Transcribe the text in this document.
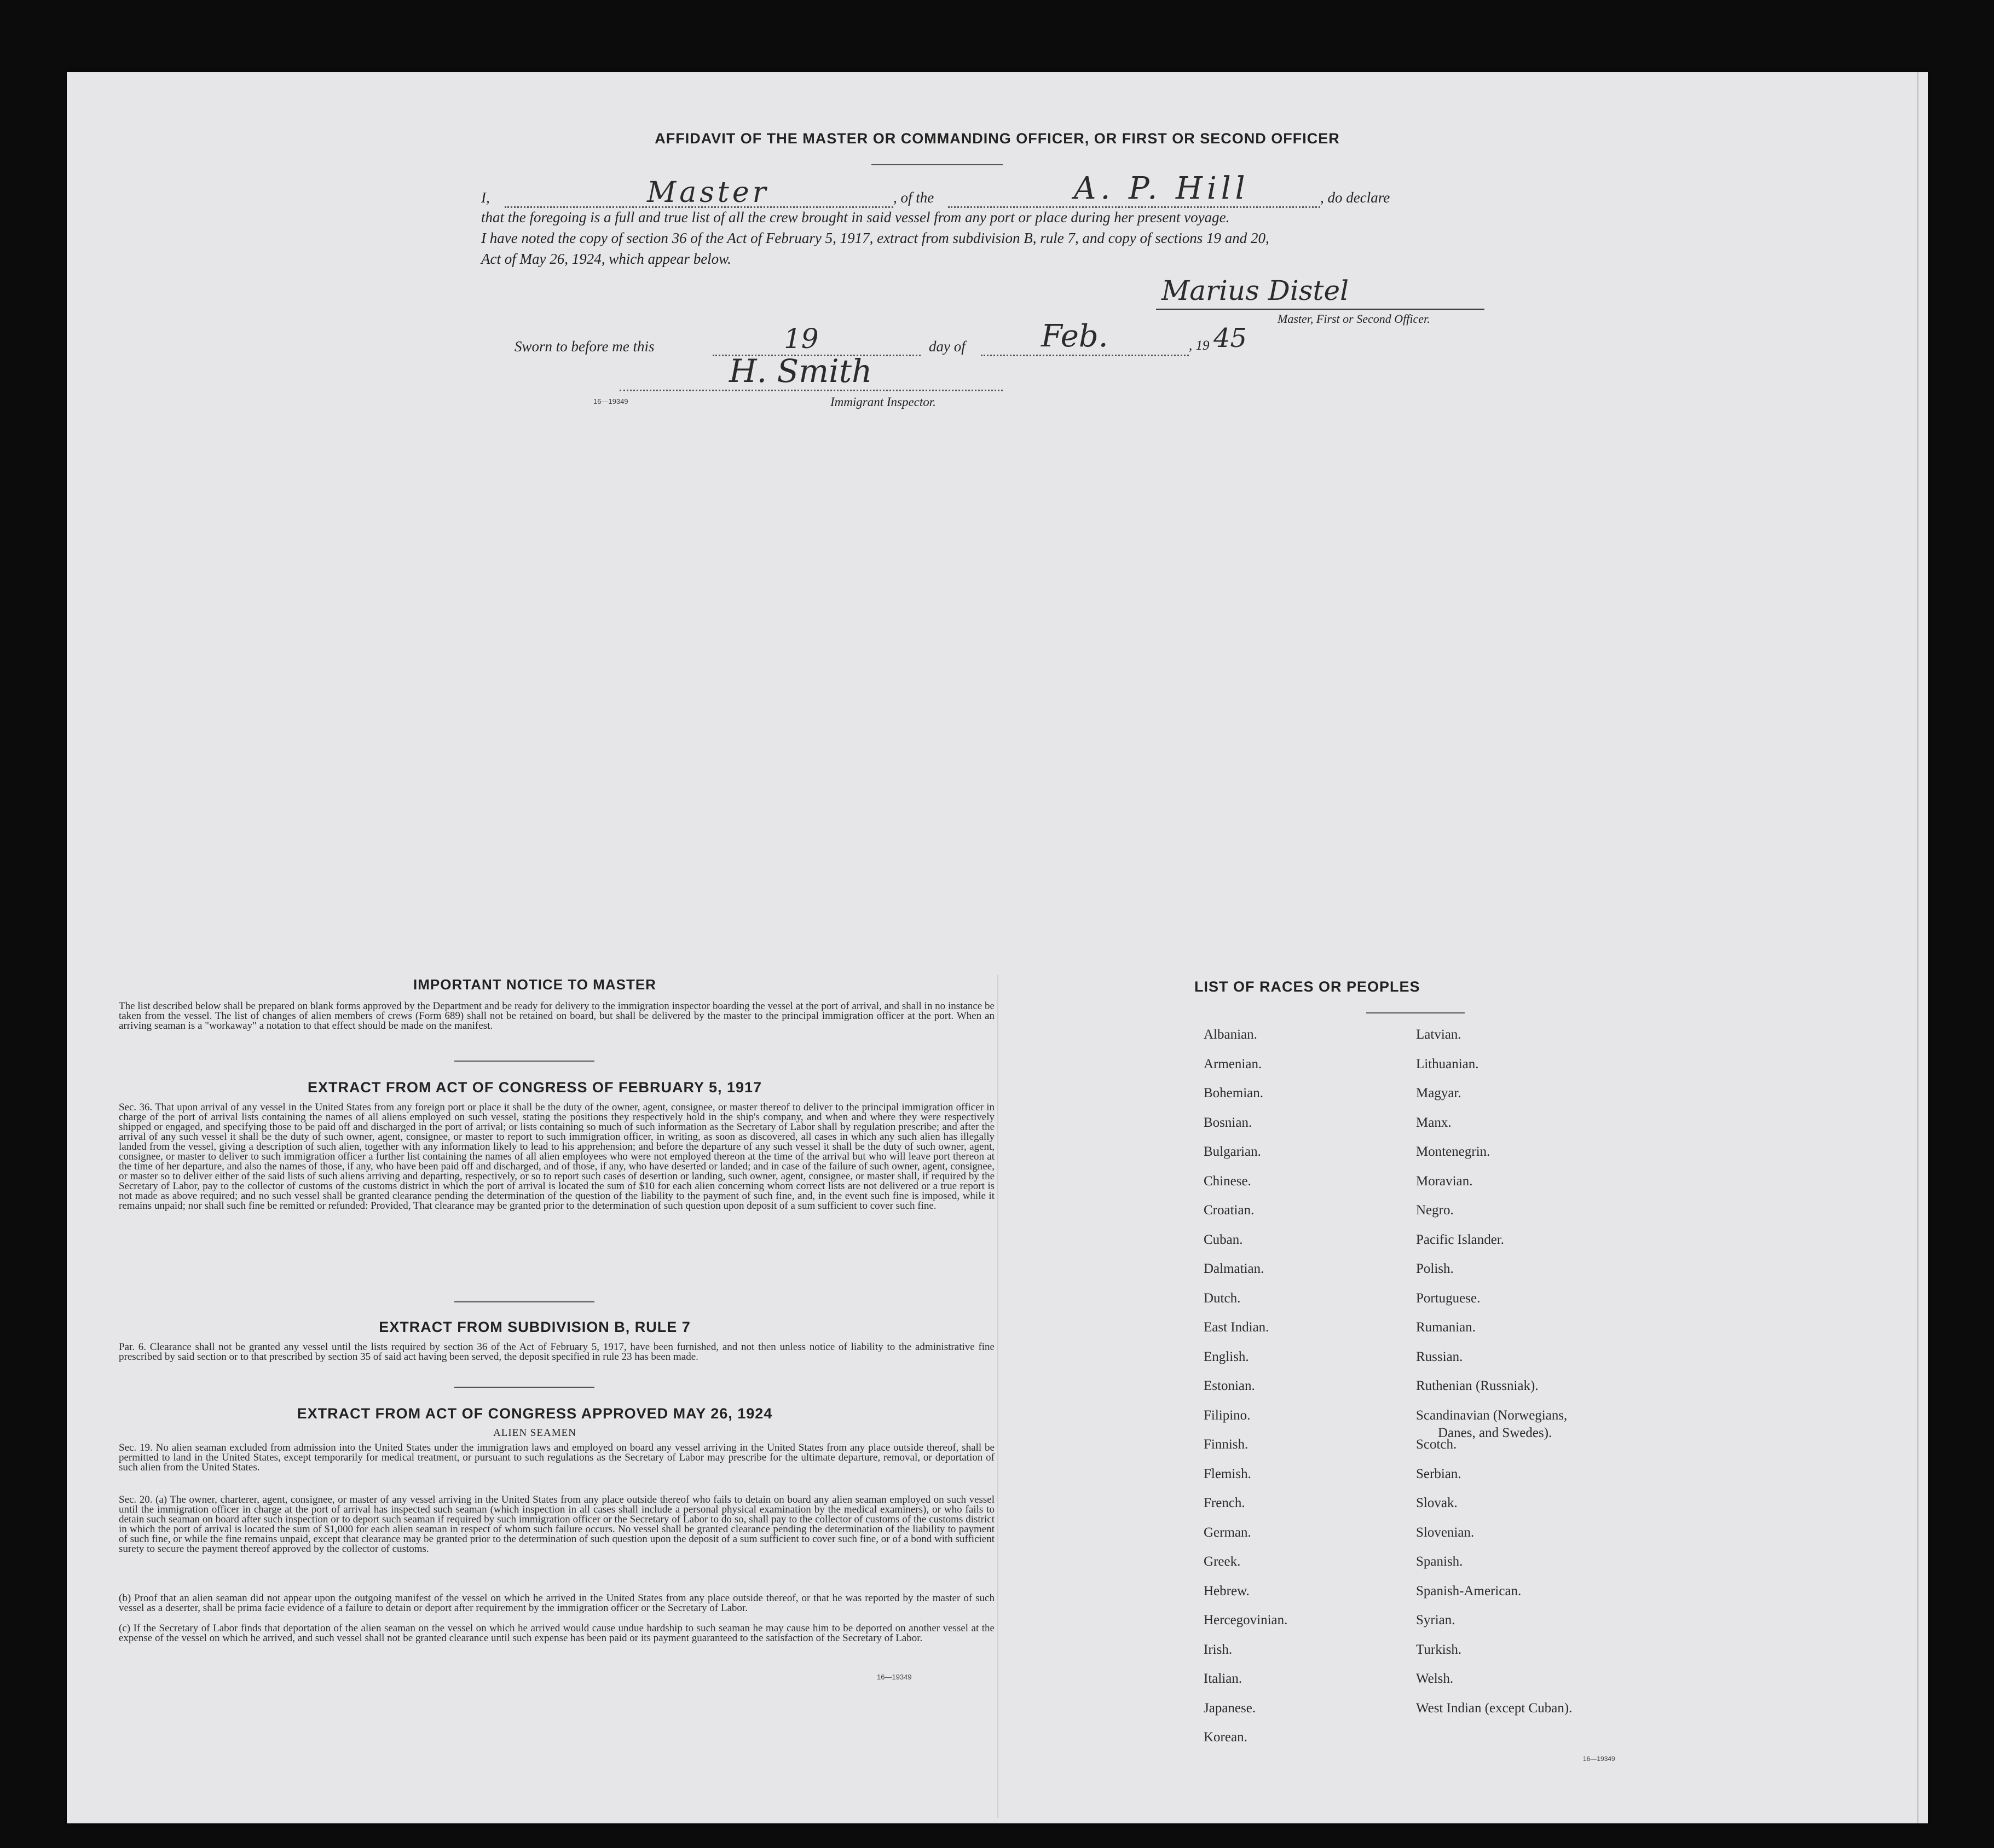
AFFIDAVIT OF THE MASTER OR COMMANDING OFFICER, OR FIRST OR SECOND OFFICER
I,	Master	, of the	A. P. Hill	, do declare
that the foregoing is a full and true list of all the crew brought in said vessel from any port or place during her present voyage.
I have noted the copy of section 36 of the Act of February 5, 1917, extract from subdivision B, rule 7, and copy of sections 19 and 20,
Act of May 26, 1924, which appear below.
Marius Distel
Master, First or Second Officer.
Sworn to before me this	19	day of Feb.	, 19 45
H. Smith
16—19349	Immigrant Inspector.
IMPORTANT NOTICE TO MASTER

The list described below shall be prepared on blank forms approved by the Department and be ready for delivery to the immigration inspector boarding the vessel at the port of arrival, and shall in no instance be taken from the vessel. The list of changes of alien members of crews (Form 689) shall not be retained on board, but shall be delivered by the master to the principal immigration officer at the port. When an arriving seaman is a "workaway" a notation to that effect should be made on the manifest.

EXTRACT FROM ACT OF CONGRESS OF FEBRUARY 5, 1917

Sec. 36. That upon arrival of any vessel in the United States from any foreign port or place it shall be the duty of the owner, agent, consignee, or master thereof to deliver to the principal immigration officer in charge of the port of arrival lists containing the names of all aliens employed on such vessel, stating the positions they respectively hold in the ship's company, and when and where they were respectively shipped or engaged, and specifying those to be paid off and discharged in the port of arrival; or lists containing so much of such information as the Secretary of Labor shall by regulation prescribe; and after the arrival of any such vessel it shall be the duty of such owner, agent, consignee, or master to report to such immigration officer, in writing, as soon as discovered, all cases in which any such alien has illegally landed from the vessel, giving a description of such alien, together with any information likely to lead to his apprehension; and before the departure of any such vessel it shall be the duty of such owner, agent, consignee, or master to deliver to such immigration officer a further list containing the names of all alien employees who were not employed thereon at the time of the arrival but who will leave port thereon at the time of her departure, and also the names of those, if any, who have been paid off and discharged, and of those, if any, who have deserted or landed; and in case of the failure of such owner, agent, consignee, or master so to deliver either of the said lists of such aliens arriving and departing, respectively, or so to report such cases of desertion or landing, such owner, agent, consignee, or master shall, if required by the Secretary of Labor, pay to the collector of customs of the customs district in which the port of arrival is located the sum of $10 for each alien concerning whom correct lists are not delivered or a true report is not made as above required; and no such vessel shall be granted clearance pending the determination of the question of the liability to the payment of such fine, and, in the event such fine is imposed, while it remains unpaid; nor shall such fine be remitted or refunded: Provided, That clearance may be granted prior to the determination of such question upon deposit of a sum sufficient to cover such fine.

EXTRACT FROM SUBDIVISION B, RULE 7

Par. 6. Clearance shall not be granted any vessel until the lists required by section 36 of the Act of February 5, 1917, have been furnished, and not then unless notice of liability to the administrative fine prescribed by said section or to that prescribed by section 35 of said act having been served, the deposit specified in rule 23 has been made.

EXTRACT FROM ACT OF CONGRESS APPROVED MAY 26, 1924
ALIEN SEAMEN

Sec. 19. No alien seaman excluded from admission into the United States under the immigration laws and employed on board any vessel arriving in the United States from any place outside thereof, shall be permitted to land in the United States, except temporarily for medical treatment, or pursuant to such regulations as the Secretary of Labor may prescribe for the ultimate departure, removal, or deportation of such alien from the United States.

Sec. 20. (a) The owner, charterer, agent, consignee, or master of any vessel arriving in the United States from any place outside thereof who fails to detain on board any alien seaman employed on such vessel until the immigration officer in charge at the port of arrival has inspected such seaman (which inspection in all cases shall include a personal physical examination by the medical examiners), or who fails to detain such seaman on board after such inspection or to deport such seaman if required by such immigration officer or the Secretary of Labor to do so, shall pay to the collector of customs of the customs district in which the port of arrival is located the sum of $1,000 for each alien seaman in respect of whom such failure occurs. No vessel shall be granted clearance pending the determination of the liability to payment of such fine, or while the fine remains unpaid, except that clearance may be granted prior to the determination of such question upon the deposit of a sum sufficient to cover such fine, or of a bond with sufficient surety to secure the payment thereof approved by the collector of customs.

(b) Proof that an alien seaman did not appear upon the outgoing manifest of the vessel on which he arrived in the United States from any place outside thereof, or that he was reported by the master of such vessel as a deserter, shall be prima facie evidence of a failure to detain or deport after requirement by the immigration officer or the Secretary of Labor.

(c) If the Secretary of Labor finds that deportation of the alien seaman on the vessel on which he arrived would cause undue hardship to such seaman he may cause him to be deported on another vessel at the expense of the vessel on which he arrived, and such vessel shall not be granted clearance until such expense has been paid or its payment guaranteed to the satisfaction of the Secretary of Labor.

16—19349
LIST OF RACES OR PEOPLES
16—19349
Albanian.
Armenian.
Bohemian.
Bosnian.
Bulgarian.
Chinese.
Croatian.
Cuban.
Dalmatian.
Dutch.
East Indian.
English.
Estonian.
Filipino.
Finnish.
Flemish.
French.
German.
Greek.
Hebrew.
Hercegovinian.
Irish.
Italian.
Japanese.
Korean.
Latvian.
Lithuanian.
Magyar.
Manx.
Montenegrin.
Moravian.
Negro.
Pacific Islander.
Polish.
Portuguese.
Rumanian.
Russian.
Ruthenian (Russniak).
Scandinavian (Norwegians,
Danes, and Swedes).
Scotch.
Serbian.
Slovak.
Slovenian.
Spanish.
Spanish-American.
Syrian.
Turkish.
Welsh.
West Indian (except Cuban).
